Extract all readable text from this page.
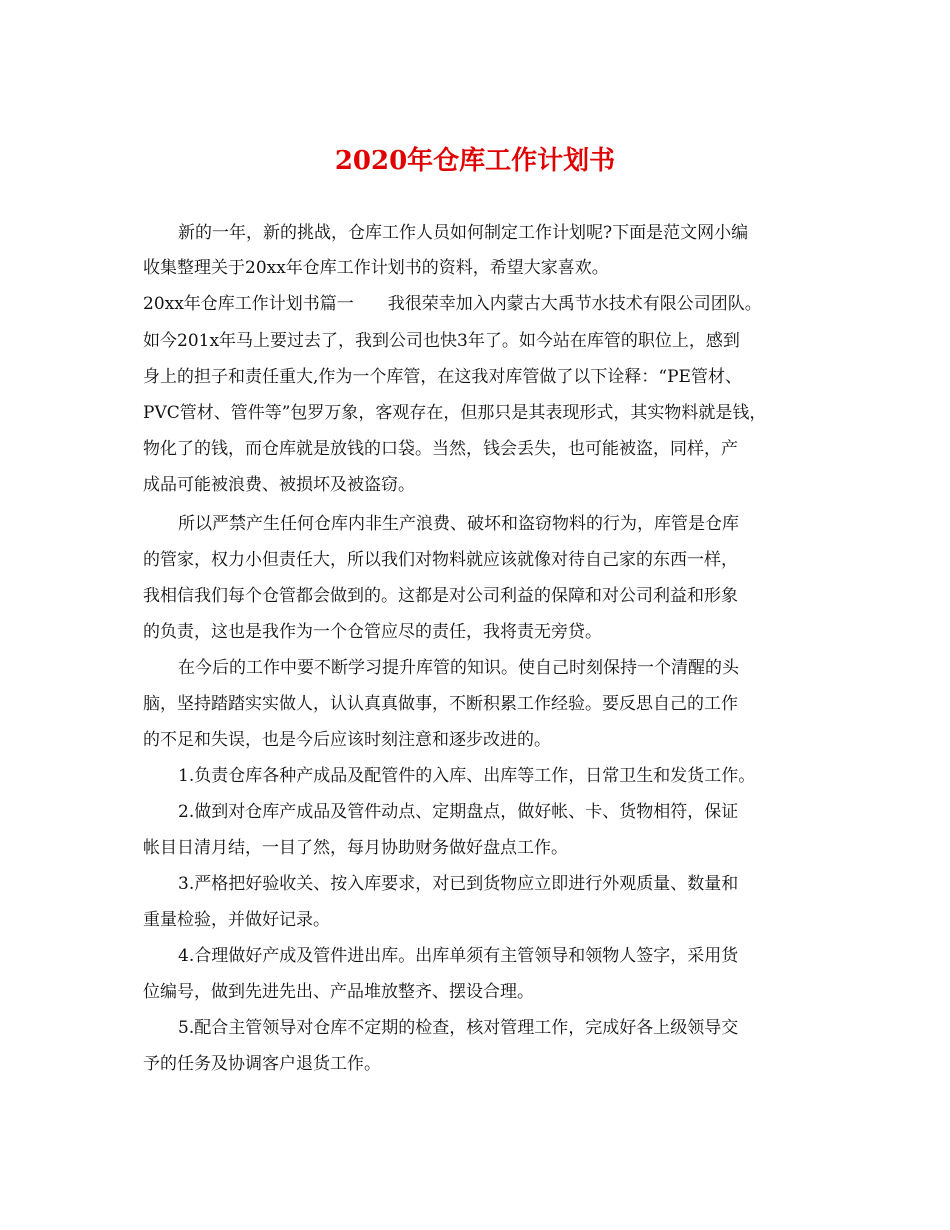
2020年仓库工作计划书
新的一年，新的挑战，仓库工作人员如何制定工作计划呢?下面是范文网小编
收集整理关于20xx年仓库工作计划书的资料，希望大家喜欢。
20xx年仓库工作计划书篇一　　我很荣幸加入内蒙古大禹节水技术有限公司团队。
如今201x年马上要过去了，我到公司也快3年了。如今站在库管的职位上，感到
身上的担子和责任重大,作为一个库管，在这我对库管做了以下诠释：“PE管材、
PVC管材、管件等”包罗万象，客观存在，但那只是其表现形式，其实物料就是钱，
物化了的钱，而仓库就是放钱的口袋。当然，钱会丢失，也可能被盗，同样，产
成品可能被浪费、被损坏及被盗窃。
所以严禁产生任何仓库内非生产浪费、破坏和盗窃物料的行为，库管是仓库
的管家，权力小但责任大，所以我们对物料就应该就像对待自己家的东西一样，
我相信我们每个仓管都会做到的。这都是对公司利益的保障和对公司利益和形象
的负责，这也是我作为一个仓管应尽的责任，我将责无旁贷。
在今后的工作中要不断学习提升库管的知识。使自己时刻保持一个清醒的头
脑，坚持踏踏实实做人，认认真真做事，不断积累工作经验。要反思自己的工作
的不足和失误，也是今后应该时刻注意和逐步改进的。
1.负责仓库各种产成品及配管件的入库、出库等工作，日常卫生和发货工作。
2.做到对仓库产成品及管件动点、定期盘点，做好帐、卡、货物相符，保证
帐目日清月结，一目了然，每月协助财务做好盘点工作。
3.严格把好验收关、按入库要求，对已到货物应立即进行外观质量、数量和
重量检验，并做好记录。
4.合理做好产成及管件进出库。出库单须有主管领导和领物人签字，采用货
位编号，做到先进先出、产品堆放整齐、摆设合理。
5.配合主管领导对仓库不定期的检查，核对管理工作，完成好各上级领导交
予的任务及协调客户退货工作。
